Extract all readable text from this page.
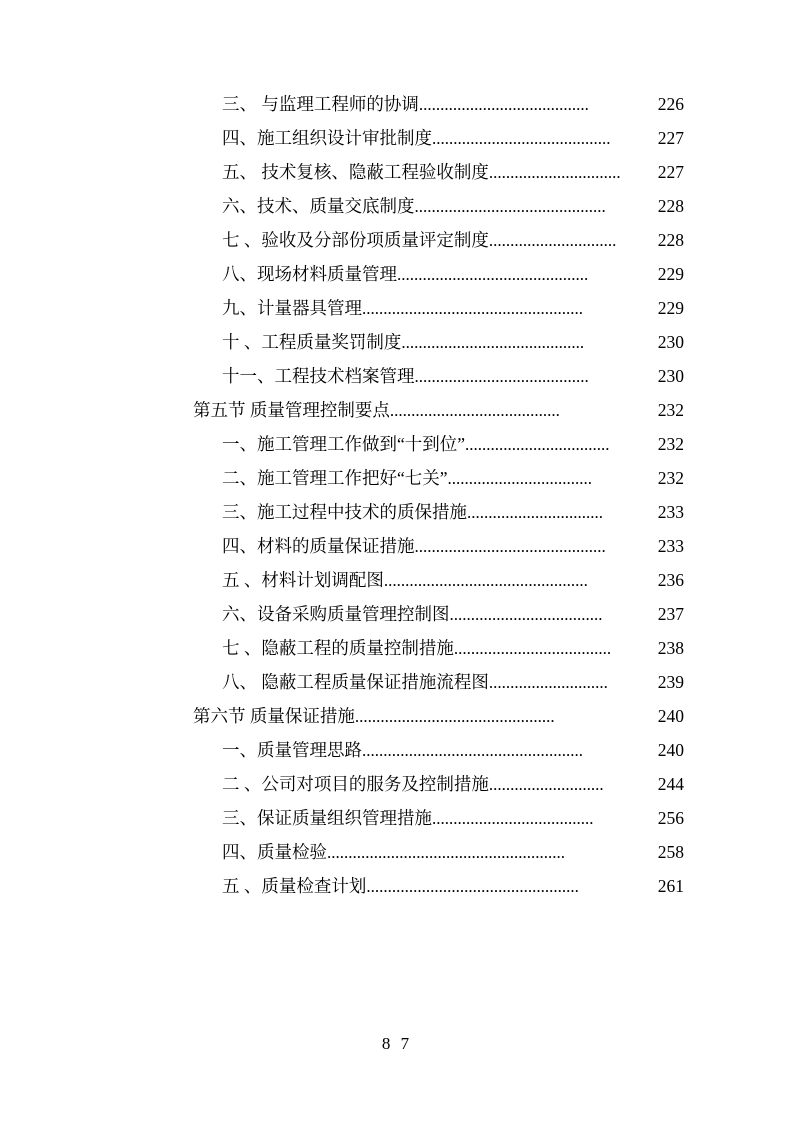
三、 与监理工程师的协调 ........................................	226
四、施工组织设计审批制度 ..........................................	227
五、 技术复核、隐蔽工程验收制度 ...............................	227
六、技术、质量交底制度 .............................................	228
七 、验收及分部份项质量评定制度 ..............................	228
八、现场材料质量管理 .............................................	229
九、计量器具管理 ....................................................	229
十 、工程质量奖罚制度 ...........................................	230
十一、工程技术档案管理 .........................................	230
第五节 质量管理控制要点 ........................................	232
一、施工管理工作做到“十到位” ..................................	232
二、施工管理工作把好“七关” ..................................	232
三、施工过程中技术的质保措施 ................................	233
四、材料的质量保证措施 .............................................	233
五 、材料计划调配图 ................................................	236
六、设备采购质量管理控制图 ....................................	237
七 、隐蔽工程的质量控制措施 .....................................	238
八、 隐蔽工程质量保证措施流程图 ............................	239
第六节 质量保证措施 ...............................................	240
一、质量管理思路 ....................................................	240
二 、公司对项目的服务及控制措施 ...........................	244
三、保证质量组织管理措施 ......................................	256
四、质量检验 ........................................................	258
五 、质量检查计划 ..................................................	261
8 7
